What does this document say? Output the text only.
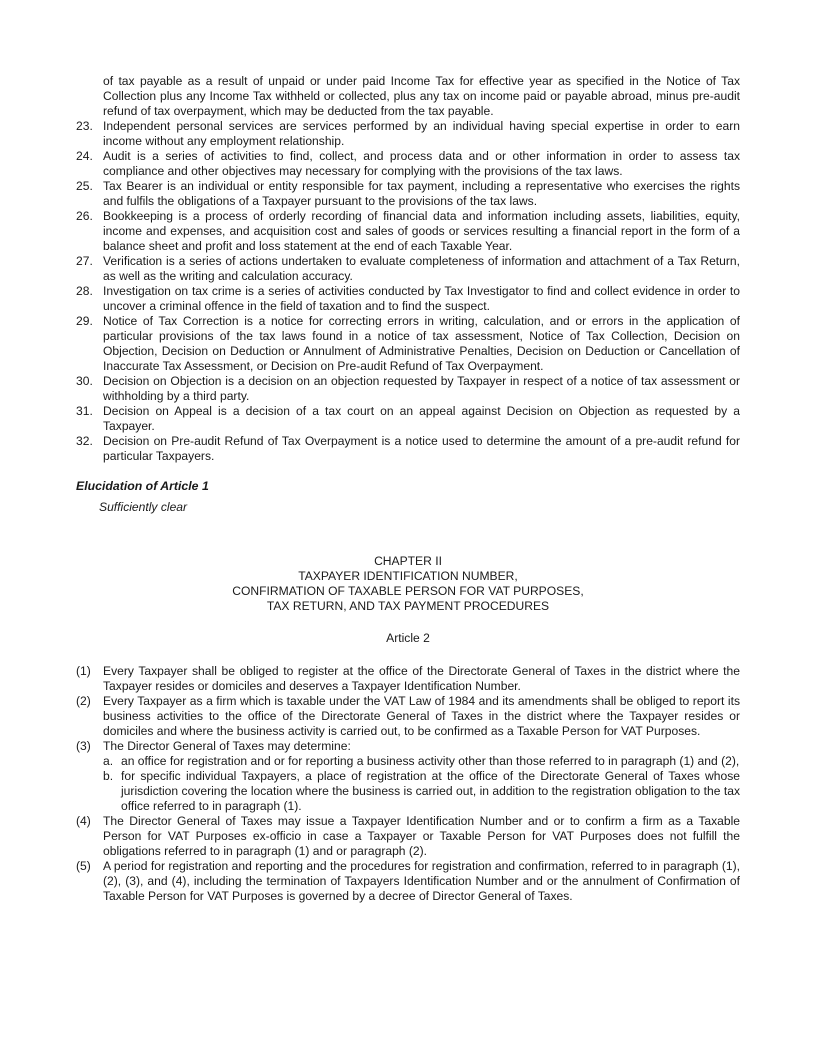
of tax payable as a result of unpaid or under paid Income Tax for effective year as specified in the Notice of Tax Collection plus any Income Tax withheld or collected, plus any tax on income paid or payable abroad, minus pre-audit refund of tax overpayment, which may be deducted from the tax payable.

23. Independent personal services are services performed by an individual having special expertise in order to earn income without any employment relationship.
24. Audit is a series of activities to find, collect, and process data and or other information in order to assess tax compliance and other objectives may necessary for complying with the provisions of the tax laws.
25. Tax Bearer is an individual or entity responsible for tax payment, including a representative who exercises the rights and fulfils the obligations of a Taxpayer pursuant to the provisions of the tax laws.
26. Bookkeeping is a process of orderly recording of financial data and information including assets, liabilities, equity, income and expenses, and acquisition cost and sales of goods or services resulting a financial report in the form of a balance sheet and profit and loss statement at the end of each Taxable Year.
27. Verification is a series of actions undertaken to evaluate completeness of information and attachment of a Tax Return, as well as the writing and calculation accuracy.
28. Investigation on tax crime is a series of activities conducted by Tax Investigator to find and collect evidence in order to uncover a criminal offence in the field of taxation and to find the suspect.
29. Notice of Tax Correction is a notice for correcting errors in writing, calculation, and or errors in the application of particular provisions of the tax laws found in a notice of tax assessment, Notice of Tax Collection, Decision on Objection, Decision on Deduction or Annulment of Administrative Penalties, Decision on Deduction or Cancellation of Inaccurate Tax Assessment, or Decision on Pre-audit Refund of Tax Overpayment.
30. Decision on Objection is a decision on an objection requested by Taxpayer in respect of a notice of tax assessment or withholding by a third party.
31. Decision on Appeal is a decision of a tax court on an appeal against Decision on Objection as requested by a Taxpayer.
32. Decision on Pre-audit Refund of Tax Overpayment is a notice used to determine the amount of a pre-audit refund for particular Taxpayers.

Elucidation of Article 1

Sufficiently clear

CHAPTER II

TAXPAYER IDENTIFICATION NUMBER,

CONFIRMATION OF TAXABLE PERSON FOR VAT PURPOSES,

TAX RETURN, AND TAX PAYMENT PROCEDURES

Article 2

(1)	Every Taxpayer shall be obliged to register at the office of the Directorate General of Taxes in the district where the Taxpayer resides or domiciles and deserves a Taxpayer Identification Number.
(2)	Every Taxpayer as a firm which is taxable under the VAT Law of 1984 and its amendments shall be obliged to report its business activities to the office of the Directorate General of Taxes in the district where the Taxpayer resides or domiciles and where the business activity is carried out, to be confirmed as a Taxable Person for VAT Purposes.
(3)	The Director General of Taxes may determine:
a. an office for registration and or for reporting a business activity other than those referred to in paragraph (1) and (2),
b. for specific individual Taxpayers, a place of registration at the office of the Directorate General of Taxes whose jurisdiction covering the location where the business is carried out, in addition to the registration obligation to the tax office referred to in paragraph (1).
(4)	The Director General of Taxes may issue a Taxpayer Identification Number and or to confirm a firm as a Taxable Person for VAT Purposes ex-officio in case a Taxpayer or Taxable Person for VAT Purposes does not fulfill the obligations referred to in paragraph (1) and or paragraph (2).
(5)	A period for registration and reporting and the procedures for registration and confirmation, referred to in paragraph (1), (2), (3), and (4), including the termination of Taxpayers Identification Number and or the annulment of Confirmation of Taxable Person for VAT Purposes is governed by a decree of Director General of Taxes.
